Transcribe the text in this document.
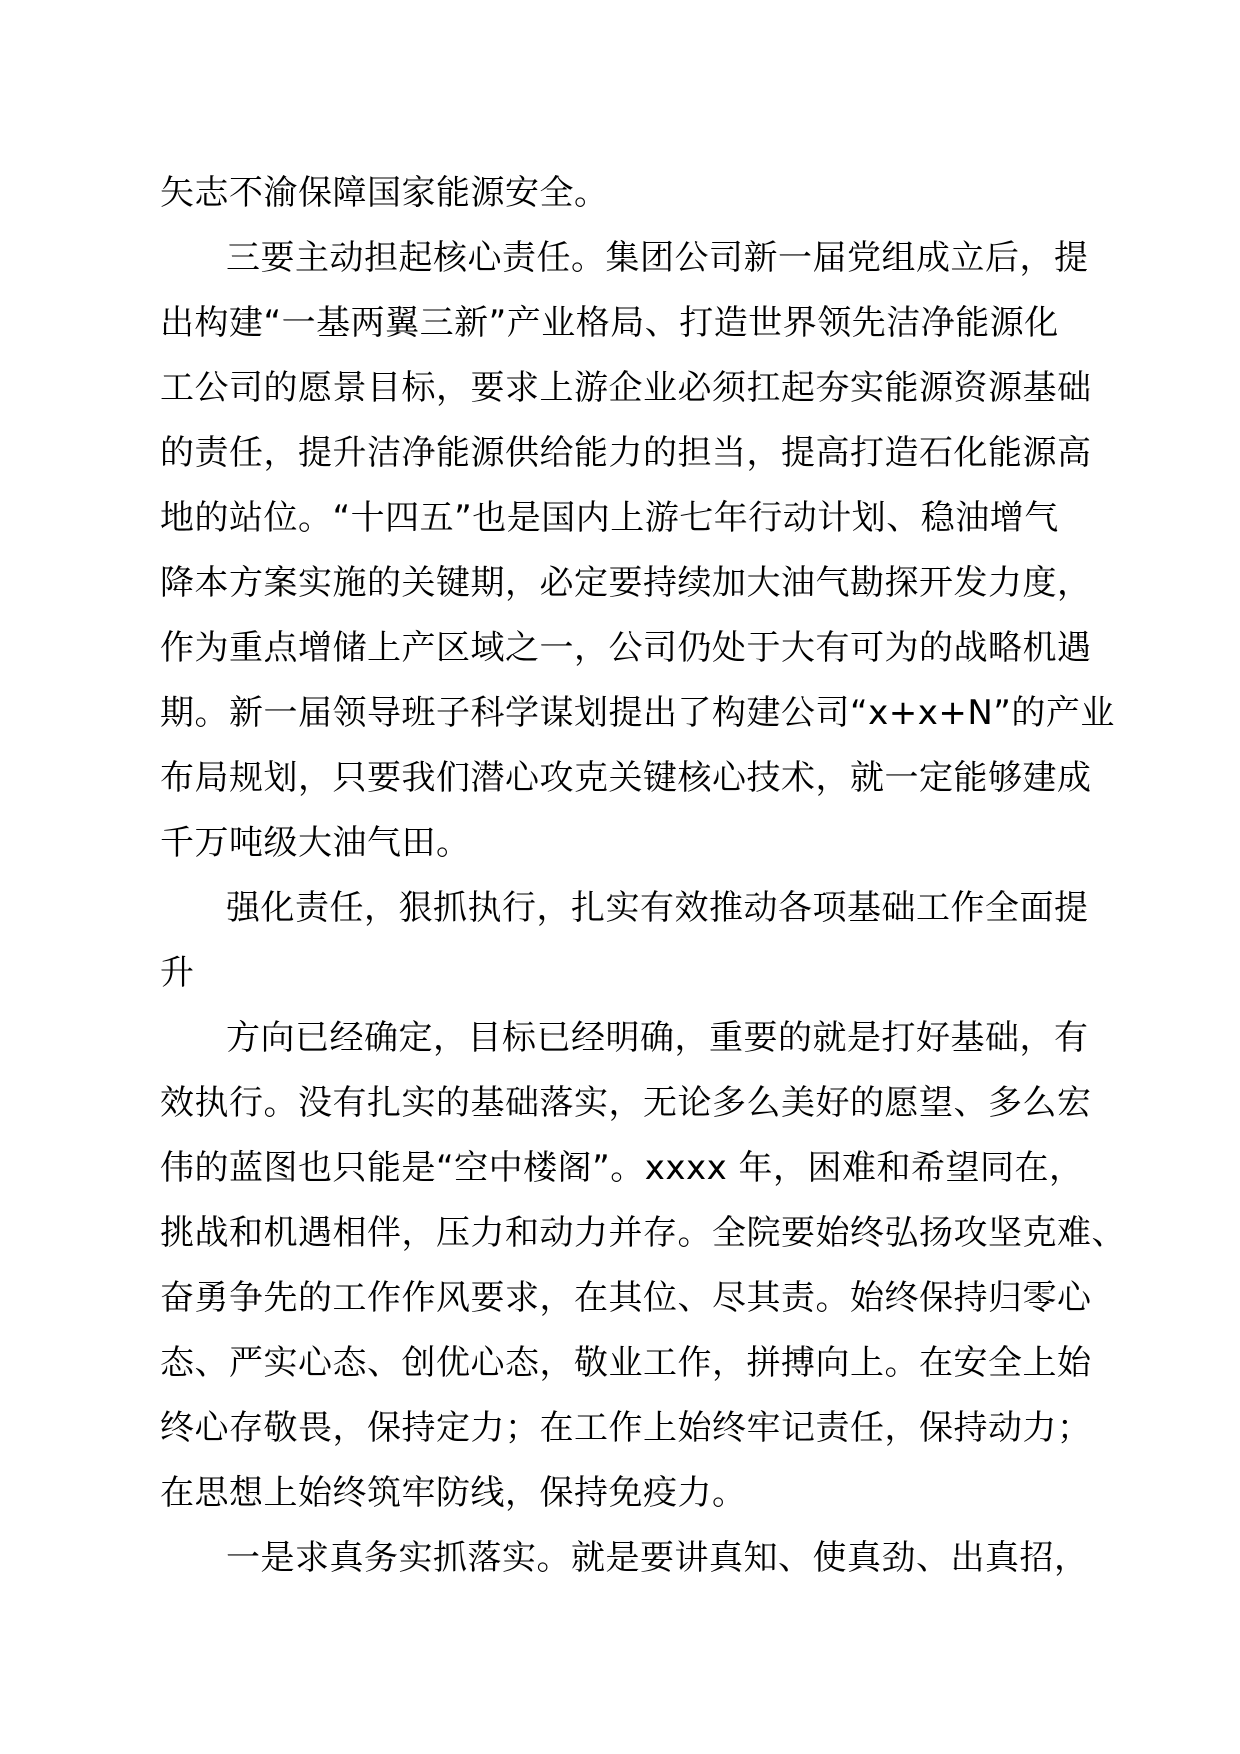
矢志不渝保障国家能源安全。
三要主动担起核心责任。集团公司新一届党组成立后，提
出构建“一基两翼三新”产业格局、打造世界领先洁净能源化
工公司的愿景目标，要求上游企业必须扛起夯实能源资源基础
的责任，提升洁净能源供给能力的担当，提高打造石化能源高
地的站位。“十四五”也是国内上游七年行动计划、稳油增气
降本方案实施的关键期，必定要持续加大油气勘探开发力度，
作为重点增储上产区域之一，公司仍处于大有可为的战略机遇
期。新一届领导班子科学谋划提出了构建公司“x+x+N”的产业
布局规划，只要我们潜心攻克关键核心技术，就一定能够建成
千万吨级大油气田。
强化责任，狠抓执行，扎实有效推动各项基础工作全面提
升
方向已经确定，目标已经明确，重要的就是打好基础，有
效执行。没有扎实的基础落实，无论多么美好的愿望、多么宏
伟的蓝图也只能是“空中楼阁”。xxxx 年，困难和希望同在，
挑战和机遇相伴，压力和动力并存。全院要始终弘扬攻坚克难、
奋勇争先的工作作风要求，在其位、尽其责。始终保持归零心
态、严实心态、创优心态，敬业工作，拼搏向上。在安全上始
终心存敬畏，保持定力；在工作上始终牢记责任，保持动力；
在思想上始终筑牢防线，保持免疫力。
一是求真务实抓落实。就是要讲真知、使真劲、出真招，
